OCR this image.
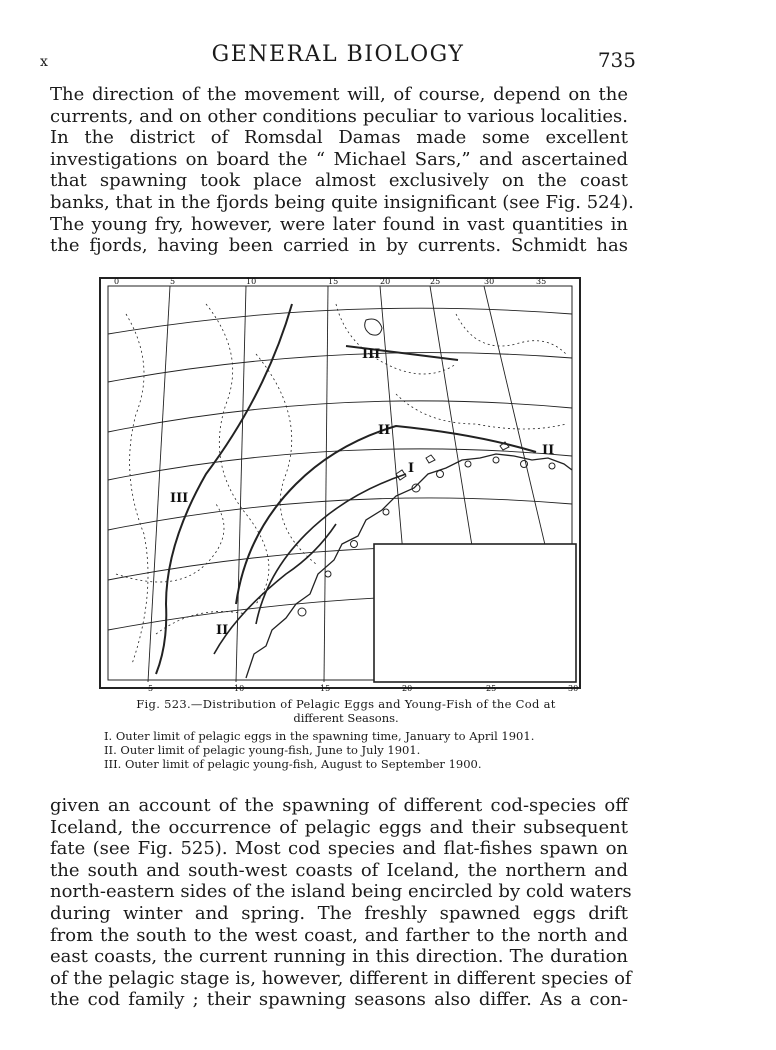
x	GENERAL BIOLOGY	735
The direction of the movement will, of course, depend on the
currents, and on other conditions peculiar to various localities.
In the district of Romsdal Damas made some excellent
investigations on board the “ Michael Sars,” and ascertained
that spawning took place almost exclusively on the coast
banks, that in the fjords being quite insignificant (see Fig. 524).
The young fry, however, were later found in vast quantities in
the fjords, having been carried in by currents. Schmidt has
III
II
III
II
I
II
0	5	10	15	20	25	30	35
5	10	15	20	25	30
Fig. 523.—Distribution of Pelagic Eggs and Young-Fish of the Cod at
different Seasons.
I. Outer limit of pelagic eggs in the spawning time, January to April 1901.
II. Outer limit of pelagic young-fish, June to July 1901.
III. Outer limit of pelagic young-fish, August to September 1900.
given an account of the spawning of different cod-species off
Iceland, the occurrence of pelagic eggs and their subsequent
fate (see Fig. 525). Most cod species and flat-fishes spawn on
the south and south-west coasts of Iceland, the northern and
north-eastern sides of the island being encircled by cold waters
during winter and spring. The freshly spawned eggs drift
from the south to the west coast, and farther to the north and
east coasts, the current running in this direction. The duration
of the pelagic stage is, however, different in different species of
the cod family ; their spawning seasons also differ. As a con-
